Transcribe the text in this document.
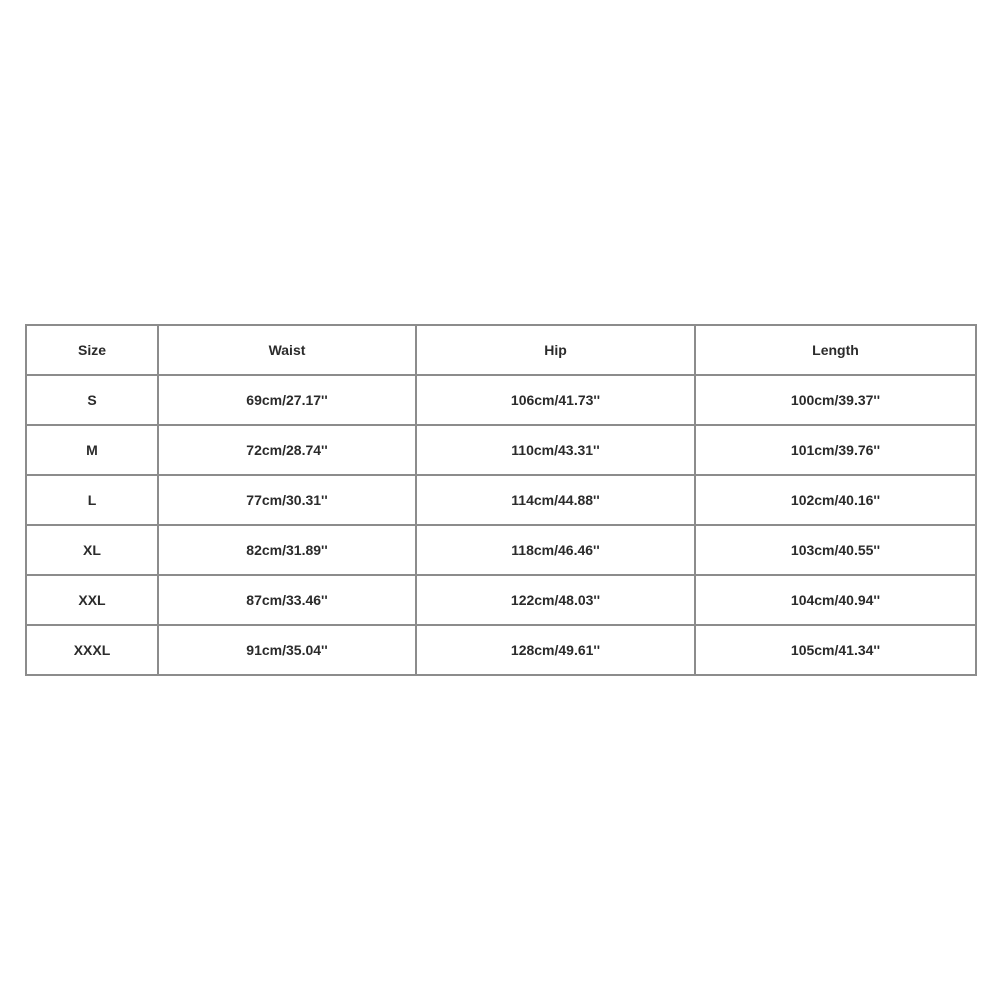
Size	Waist	Hip	Length
S	69cm/27.17''	106cm/41.73''	100cm/39.37''
M	72cm/28.74''	110cm/43.31''	101cm/39.76''
L	77cm/30.31''	114cm/44.88''	102cm/40.16''
XL	82cm/31.89''	118cm/46.46''	103cm/40.55''
XXL	87cm/33.46''	122cm/48.03''	104cm/40.94''
XXXL	91cm/35.04''	128cm/49.61''	105cm/41.34''
